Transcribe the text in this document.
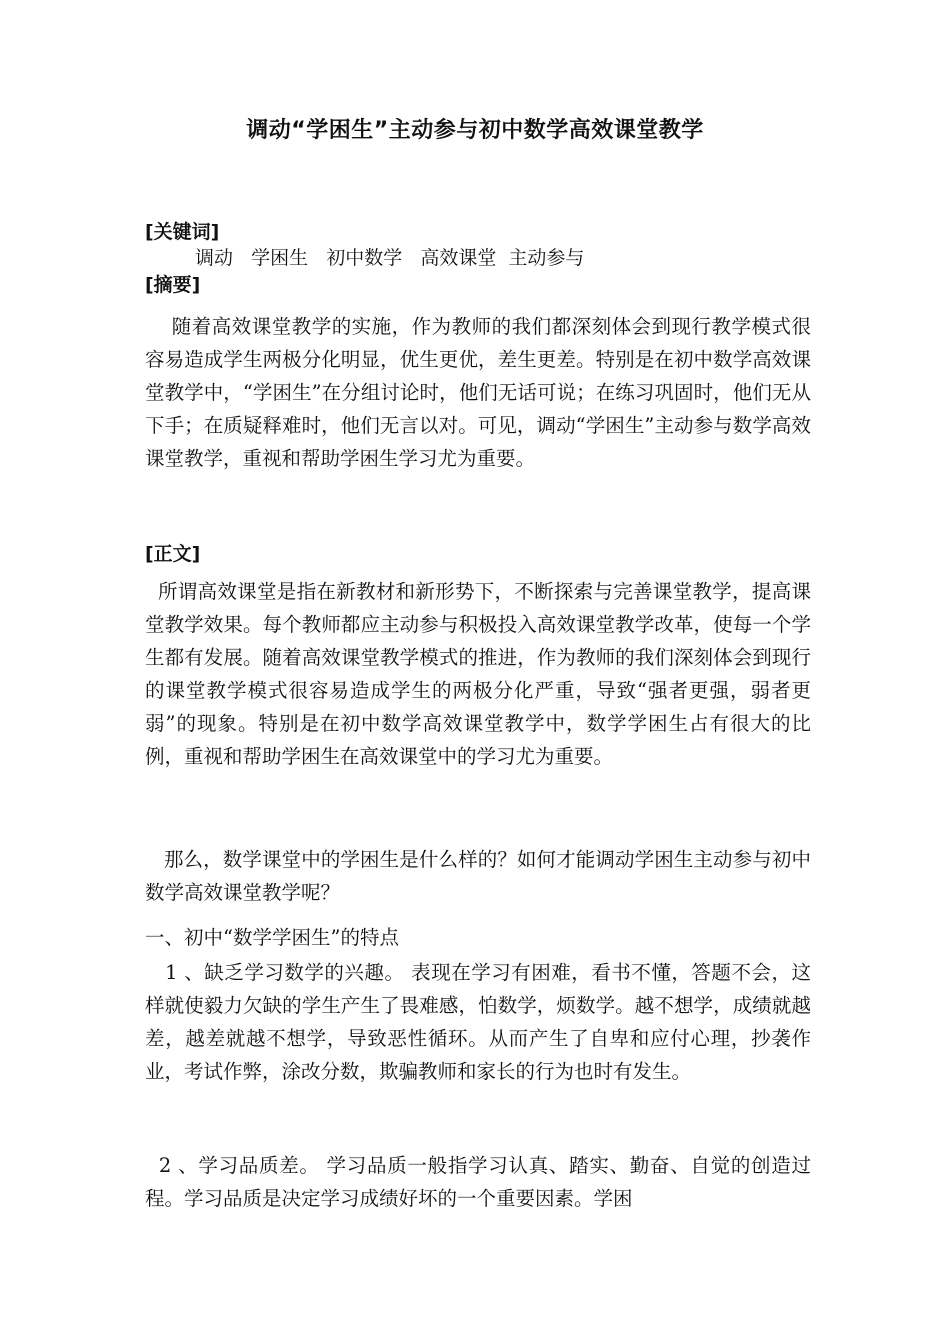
调动“学困生”主动参与初中数学高效课堂教学
[关键词]
调动   学困生   初中数学   高效课堂  主动参与
[摘要]

随着高效课堂教学的实施，作为教师的我们都深刻体会到现行教学模式很容易造成学生两极分化明显，优生更优，差生更差。特别是在初中数学高效课堂教学中，“学困生”在分组讨论时，他们无话可说；在练习巩固时，他们无从下手；在质疑释难时，他们无言以对。可见，调动“学困生”主动参与数学高效课堂教学，重视和帮助学困生学习尤为重要。

[正文]

所谓高效课堂是指在新教材和新形势下，不断探索与完善课堂教学，提高课堂教学效果。每个教师都应主动参与积极投入高效课堂教学改革，使每一个学生都有发展。随着高效课堂教学模式的推进，作为教师的我们深刻体会到现行的课堂教学模式很容易造成学生的两极分化严重，导致“强者更强，弱者更弱”的现象。特别是在初中数学高效课堂教学中，数学学困生占有很大的比例，重视和帮助学困生在高效课堂中的学习尤为重要。

那么，数学课堂中的学困生是什么样的？如何才能调动学困生主动参与初中数学高效课堂教学呢？

一、初中“数学学困生”的特点

1 、缺乏学习数学的兴趣。 表现在学习有困难，看书不懂，答题不会，这样就使毅力欠缺的学生产生了畏难感，怕数学，烦数学。越不想学，成绩就越差，越差就越不想学，导致恶性循环。从而产生了自卑和应付心理，抄袭作业，考试作弊，涂改分数，欺骗教师和家长的行为也时有发生。

2 、学习品质差。 学习品质一般指学习认真、踏实、勤奋、自觉的创造过程。学习品质是决定学习成绩好坏的一个重要因素。学困
